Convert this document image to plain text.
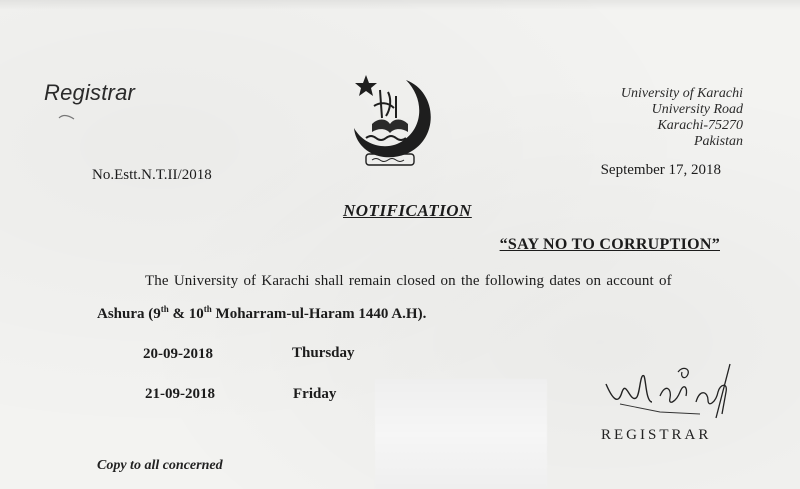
Registrar	University of Karachi
University Road
Karachi-75270
Pakistan
No.Estt.N.T.II/2018	September 17, 2018
NOTIFICATION
“SAY NO TO CORRUPTION”
The University of Karachi shall remain closed on the following dates on account of
Ashura (9th & 10th Moharram-ul-Haram 1440 A.H).
20-09-2018	Thursday
21-09-2018	Friday
REGISTRAR
Copy to all concerned
